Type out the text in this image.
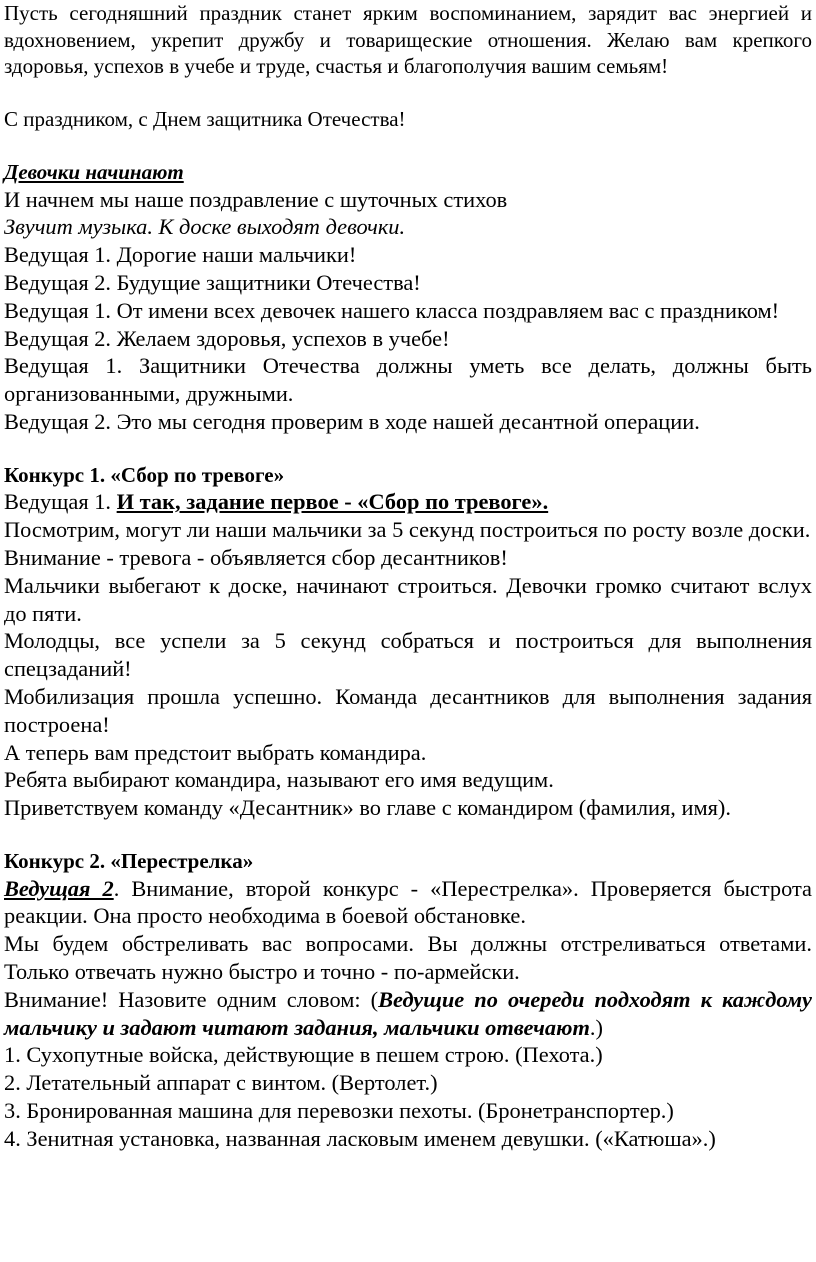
Пусть сегодняшний праздник станет ярким воспоминанием, зарядит вас энергией и вдохновением, укрепит дружбу и товарищеские отношения. Желаю вам крепкого здоровья, успехов в учебе и труде, счастья и благополучия вашим семьям!

С праздником, с Днем защитника Отечества!

Девочки начинают

И начнем мы наше поздравление с шуточных стихов

Звучит музыка. К доске выходят девочки.

Ведущая 1. Дорогие наши мальчики!

Ведущая 2. Будущие защитники Отечества!

Ведущая 1. От имени всех девочек нашего класса поздравляем вас с праздником!

Ведущая 2. Желаем здоровья, успехов в учебе!

Ведущая 1. Защитники Отечества должны уметь все делать, должны быть организованными, дружными.

Ведущая 2. Это мы сегодня проверим в ходе нашей десантной операции.

Конкурс 1. «Сбор по тревоге»

Ведущая 1. И так, задание первое - «Сбор по тревоге».

Посмотрим, могут ли наши мальчики за 5 секунд построиться по росту возле доски.

Внимание - тревога - объявляется сбор десантников!

Мальчики выбегают к доске, начинают строиться. Девочки громко считают вслух до пяти.

Молодцы, все успели за 5 секунд собраться и построиться для выполнения спецзаданий!

Мобилизация прошла успешно. Команда десантников для выполнения задания построена!

А теперь вам предстоит выбрать командира.

Ребята выбирают командира, называют его имя ведущим.

Приветствуем команду «Десантник» во главе с командиром (фамилия, имя).

Конкурс 2. «Перестрелка»

Ведущая 2. Внимание, второй конкурс - «Перестрелка». Проверяется быстрота реакции. Она просто необходима в боевой обстановке.

Мы будем обстреливать вас вопросами. Вы должны отстреливаться ответами. Только отвечать нужно быстро и точно - по-армейски.

Внимание! Назовите одним словом: (Ведущие по очереди подходят к каждому мальчику и задают читают задания, мальчики отвечают.)

1. Сухопутные войска, действующие в пешем строю. (Пехота.)

2. Летательный аппарат с винтом. (Вертолет.)

3. Бронированная машина для перевозки пехоты. (Бронетранспортер.)

4. Зенитная установка, названная ласковым именем девушки. («Катюша».)
